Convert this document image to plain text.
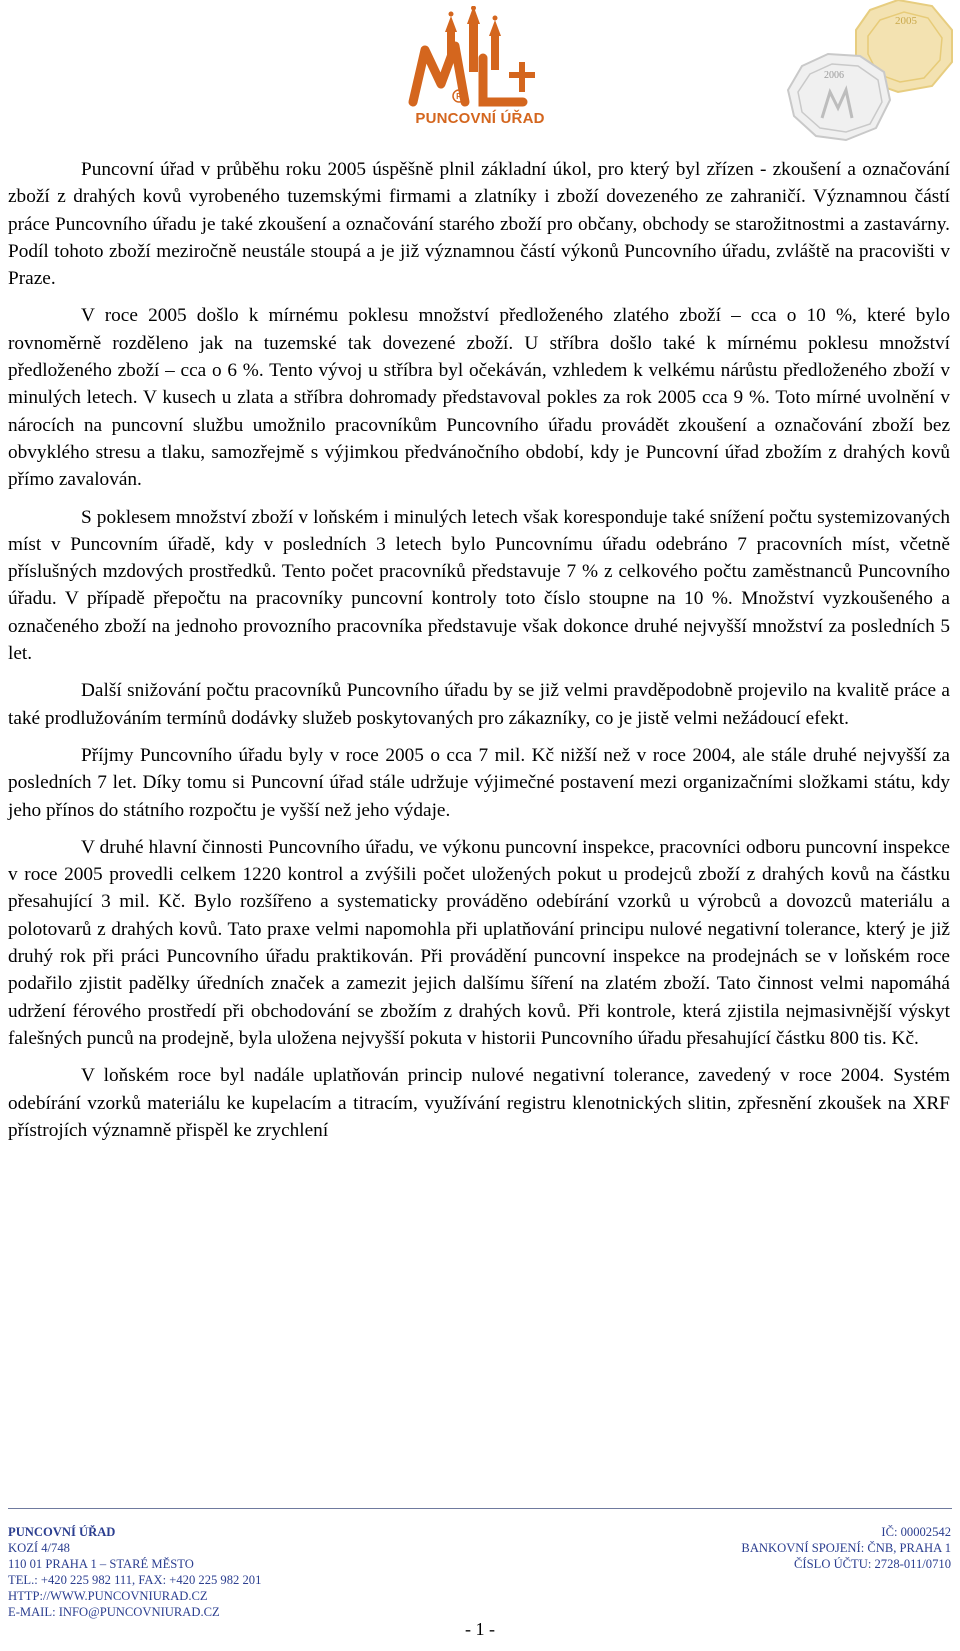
R
PUNCOVNÍ ÚŘAD
2005
2006

Puncovní úřad v průběhu roku 2005 úspěšně plnil základní úkol, pro který byl zřízen - zkoušení a označování zboží z drahých kovů vyrobeného tuzemskými firmami a zlatníky i zboží dovezeného ze zahraničí. Významnou částí práce Puncovního úřadu je také zkoušení a označování starého zboží pro občany, obchody se starožitnostmi a zastavárny. Podíl tohoto zboží meziročně neustále stoupá a je již významnou částí výkonů Puncovního úřadu, zvláště na pracovišti v Praze.

V roce 2005 došlo k mírnému poklesu množství předloženého zlatého zboží – cca o 10 %, které bylo rovnoměrně rozděleno jak na tuzemské tak dovezené zboží. U stříbra došlo také k mírnému poklesu množství předloženého zboží – cca o 6 %. Tento vývoj u stříbra byl očekáván, vzhledem k velkému nárůstu předloženého zboží v minulých letech. V kusech u zlata a stříbra dohromady představoval pokles za rok 2005 cca 9 %. Toto mírné uvolnění v nárocích na puncovní službu umožnilo pracovníkům Puncovního úřadu provádět zkoušení a označování zboží bez obvyklého stresu a tlaku, samozřejmě s výjimkou předvánočního období, kdy je Puncovní úřad zbožím z drahých kovů přímo zavalován.

S poklesem množství zboží v loňském i minulých letech však koresponduje také snížení počtu systemizovaných míst v Puncovním úřadě, kdy v posledních 3 letech bylo Puncovnímu úřadu odebráno 7 pracovních míst, včetně příslušných mzdových prostředků. Tento počet pracovníků představuje 7 % z celkového počtu zaměstnanců Puncovního úřadu. V případě přepočtu na pracovníky puncovní kontroly toto číslo stoupne na 10 %. Množství vyzkoušeného a označeného zboží na jednoho provozního pracovníka představuje však dokonce druhé nejvyšší množství za posledních 5 let.

Další snižování počtu pracovníků Puncovního úřadu by se již velmi pravděpodobně projevilo na kvalitě práce a také prodlužováním termínů dodávky služeb poskytovaných pro zákazníky, co je jistě velmi nežádoucí efekt.

Příjmy Puncovního úřadu byly v roce 2005 o cca 7 mil. Kč nižší než v roce 2004, ale stále druhé nejvyšší za posledních 7 let. Díky tomu si Puncovní úřad stále udržuje výjimečné postavení mezi organizačními složkami státu, kdy jeho přínos do státního rozpočtu je vyšší než jeho výdaje.

V druhé hlavní činnosti Puncovního úřadu, ve výkonu puncovní inspekce, pracovníci odboru puncovní inspekce v roce 2005 provedli celkem 1220 kontrol a zvýšili počet uložených pokut u prodejců zboží z drahých kovů na částku přesahující 3 mil. Kč. Bylo rozšířeno a systematicky prováděno odebírání vzorků u výrobců a dovozců materiálu a polotovarů z drahých kovů. Tato praxe velmi napomohla při uplatňování principu nulové negativní tolerance, který je již druhý rok při práci Puncovního úřadu praktikován. Při provádění puncovní inspekce na prodejnách se v loňském roce podařilo zjistit padělky úředních značek a zamezit jejich dalšímu šíření na zlatém zboží. Tato činnost velmi napomáhá udržení férového prostředí při obchodování se zbožím z drahých kovů. Při kontrole, která zjistila nejmasivnější výskyt falešných punců na prodejně, byla uložena nejvyšší pokuta v historii Puncovního úřadu přesahující částku 800 tis. Kč.

V loňském roce byl nadále uplatňován princip nulové negativní tolerance, zavedený v roce 2004. Systém odebírání vzorků materiálu ke kupelacím a titracím, využívání registru klenotnických slitin, zpřesnění zkoušek na XRF přístrojích významně přispěl ke zrychlení

PUNCOVNÍ ÚŘAD
KOZÍ 4/748
110 01 PRAHA 1 – STARÉ MĚSTO
TEL.: +420 225 982 111, FAX: +420 225 982 201
HTTP://WWW.PUNCOVNIURAD.CZ
E-MAIL: INFO@PUNCOVNIURAD.CZ
IČ: 00002542
BANKOVNÍ SPOJENÍ: ČNB, PRAHA 1
ČÍSLO ÚČTU: 2728-011/0710
- 1 -
